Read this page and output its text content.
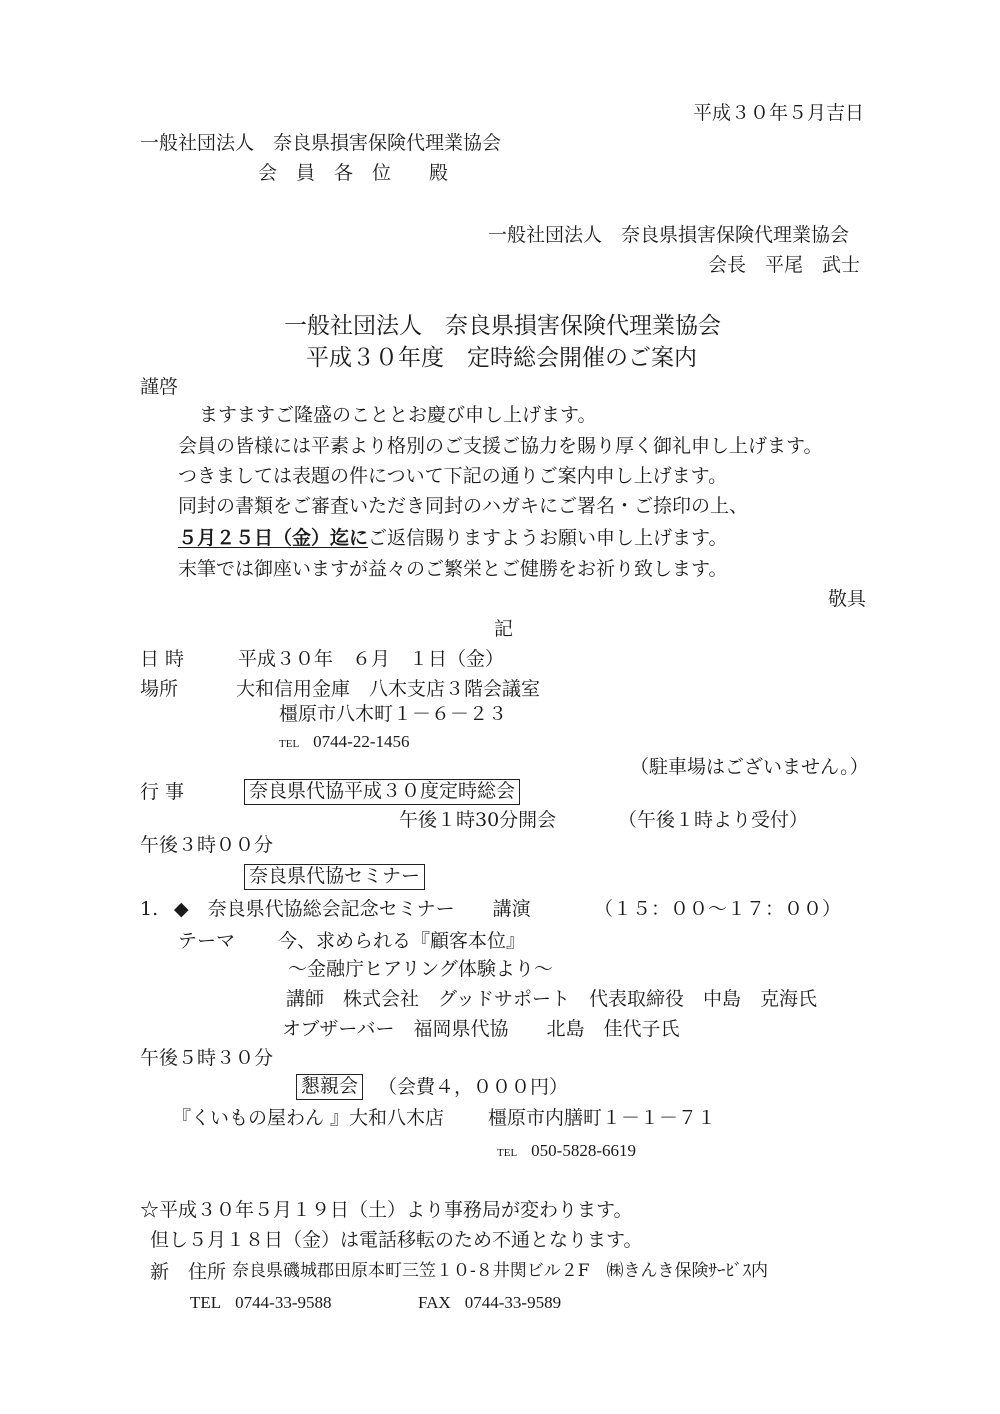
平成３０年５月吉日
一般社団法人　奈良県損害保険代理業協会
会　員　各　位　　殿
一般社団法人　奈良県損害保険代理業協会
会長　平尾　武士
一般社団法人　奈良県損害保険代理業協会
平成３０年度　定時総会開催のご案内
謹啓
ますますご隆盛のこととお慶び申し上げます。
会員の皆様には平素より格別のご支援ご協力を賜り厚く御礼申し上げます。
つきましては表題の件について下記の通りご案内申し上げます。
同封の書類をご審査いただき同封のハガキにご署名・ご捺印の上、
５月２５日（金）迄にご返信賜りますようお願い申し上げます。
末筆では御座いますが益々のご繁栄とご健勝をお祈り致します。
敬具
記
日 時	平成３０年　６月　１日（金）
場所	大和信用金庫　八木支店３階会議室
橿原市八木町１－６－２３
TEL 0744-22-1456
（駐車場はございません。）
行 事	奈良県代協平成３０度定時総会
午後１時30分開会	（午後１時より受付）
午後３時００分
奈良県代協セミナー
1. ◆　奈良県代協総会記念セミナー　　講演	（１５：００～１７：００）
テーマ 今、求められる『顧客本位』
～金融庁ヒアリング体験より～
講師　株式会社　グッドサポート　代表取締役　中島　克海氏
オブザーバー　福岡県代協　　北島　佳代子氏
午後５時３０分
懇親会 （会費４，０００円）
『くいもの屋わん 』大和八木店 橿原市内膳町１－１－７１
TEL 050-5828-6619
☆平成３０年５月１９日（土）より事務局が変わります。
但し５月１８日（金）は電話移転のため不通となります。
新　住所 奈良県磯城郡田原本町三笠１０-８井関ビル２F　㈱きんき保険ｻｰﾋﾞｽ内
TEL 0744-33-9588	FAX 0744-33-9589
